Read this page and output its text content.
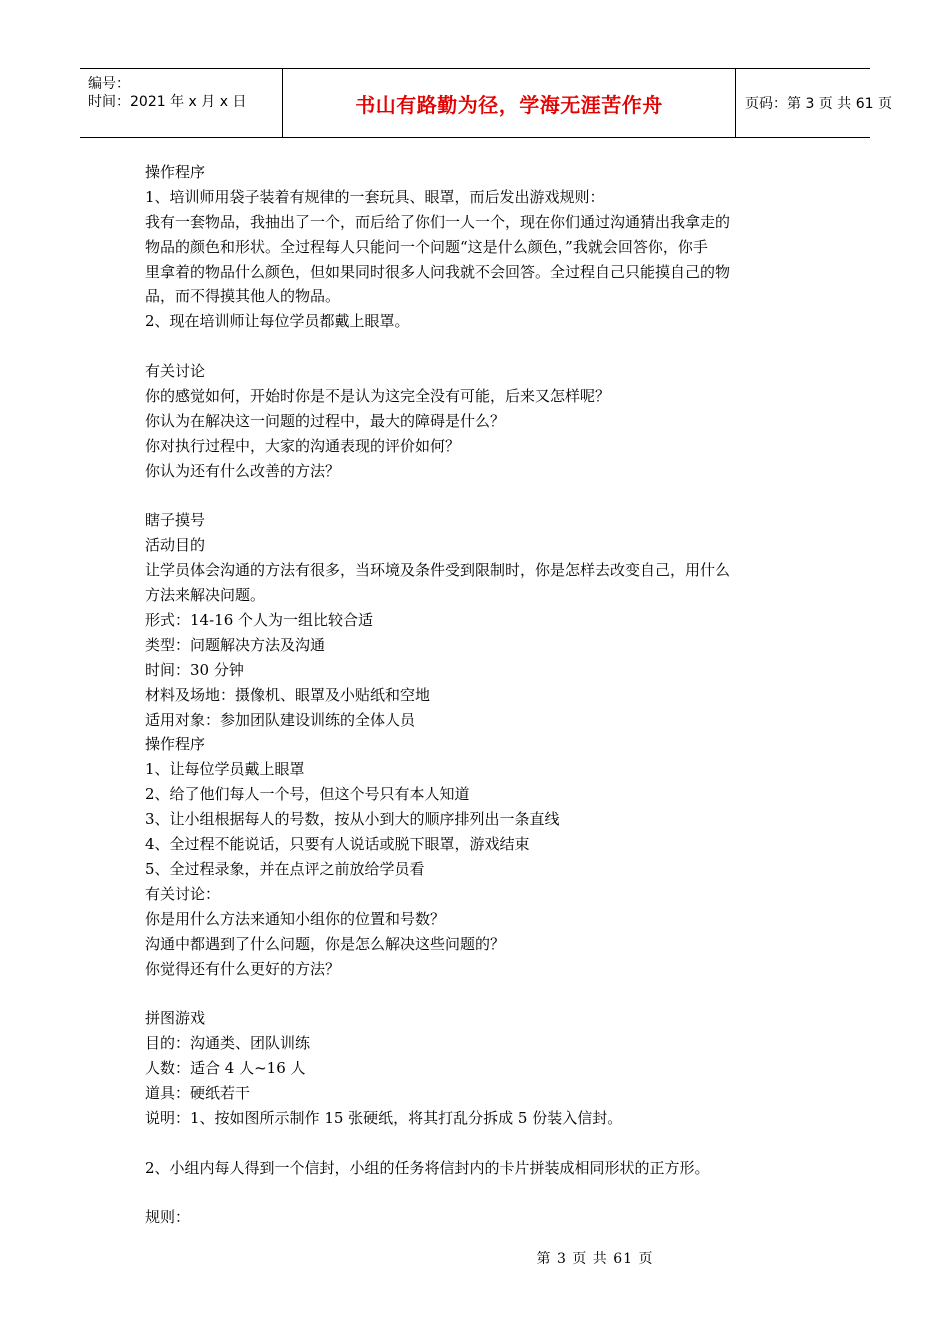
编号：
时间：2021 年 x 月 x 日	书山有路勤为径，学海无涯苦作舟	页码：第 3 页 共 61 页
操作程序
1、培训师用袋子装着有规律的一套玩具、眼罩，而后发出游戏规则：
我有一套物品，我抽出了一个，而后给了你们一人一个，现在你们通过沟通猜出我拿走的
物品的颜色和形状。全过程每人只能问一个问题“这是什么颜色，”我就会回答你，你手
里拿着的物品什么颜色，但如果同时很多人问我就不会回答。全过程自己只能摸自己的物
品，而不得摸其他人的物品。
2、现在培训师让每位学员都戴上眼罩。
有关讨论
你的感觉如何，开始时你是不是认为这完全没有可能，后来又怎样呢？
你认为在解决这一问题的过程中，最大的障碍是什么？
你对执行过程中，大家的沟通表现的评价如何？
你认为还有什么改善的方法？
瞎子摸号
活动目的
让学员体会沟通的方法有很多，当环境及条件受到限制时，你是怎样去改变自己，用什么
方法来解决问题。
形式：14-16 个人为一组比较合适
类型：问题解决方法及沟通
时间：30 分钟
材料及场地：摄像机、眼罩及小贴纸和空地
适用对象：参加团队建设训练的全体人员
操作程序
1、让每位学员戴上眼罩
2、给了他们每人一个号，但这个号只有本人知道
3、让小组根据每人的号数，按从小到大的顺序排列出一条直线
4、全过程不能说话，只要有人说话或脱下眼罩，游戏结束
5、全过程录象，并在点评之前放给学员看
有关讨论：
你是用什么方法来通知小组你的位置和号数？
沟通中都遇到了什么问题，你是怎么解决这些问题的？
你觉得还有什么更好的方法？
拼图游戏
目的：沟通类、团队训练
人数：适合 4 人~16 人
道具：硬纸若干
说明：1、按如图所示制作 15 张硬纸，将其打乱分拆成 5 份装入信封。
2、小组内每人得到一个信封，小组的任务将信封内的卡片拼装成相同形状的正方形。
规则：
第 3 页 共 61 页
